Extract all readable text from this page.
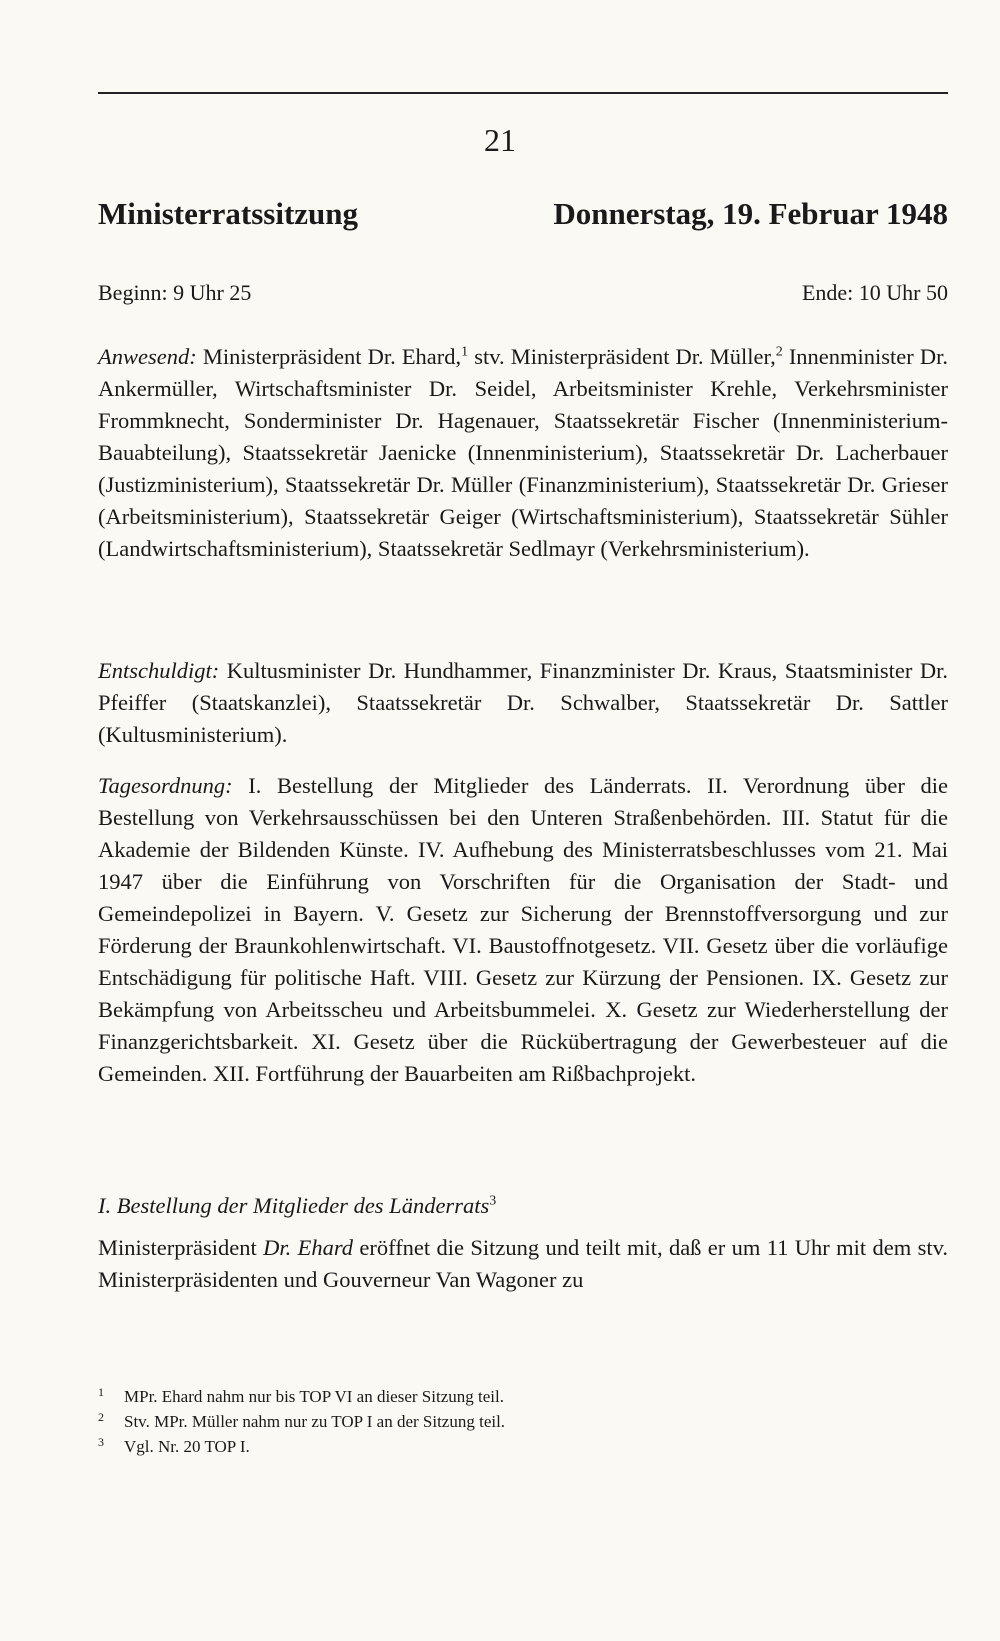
21
Ministerratssitzung	Donnerstag, 19. Februar 1948
Beginn: 9 Uhr 25	Ende: 10 Uhr 50
Anwesend: Ministerpräsident Dr. Ehard,$^1$ stv. Ministerpräsident Dr. Müller,$^2$ Innenminister Dr. Ankermüller, Wirtschaftsminister Dr. Seidel, Arbeitsminister Krehle, Verkehrsminister Frommknecht, Sonderminister Dr. Hagenauer, Staatssekretär Fischer (Innenministerium-Bauabteilung), Staatssekretär Jaenicke (Innenministerium), Staatssekretär Dr. Lacherbauer (Justizministerium), Staatssekretär Dr. Müller (Finanzministerium), Staatssekretär Dr. Grieser (Arbeitsministerium), Staatssekretär Geiger (Wirtschaftsministerium), Staatssekretär Sühler (Landwirtschaftsministerium), Staatssekretär Sedlmayr (Verkehrsministerium).
Entschuldigt: Kultusminister Dr. Hundhammer, Finanzminister Dr. Kraus, Staatsminister Dr. Pfeiffer (Staatskanzlei), Staatssekretär Dr. Schwalber, Staatssekretär Dr. Sattler (Kultusministerium).
Tagesordnung: I. Bestellung der Mitglieder des Länderrats. II. Verordnung über die Bestellung von Verkehrsausschüssen bei den Unteren Straßenbehörden. III. Statut für die Akademie der Bildenden Künste. IV. Aufhebung des Ministerratsbeschlusses vom 21. Mai 1947 über die Einführung von Vorschriften für die Organisation der Stadt- und Gemeindepolizei in Bayern. V. Gesetz zur Sicherung der Brennstoffversorgung und zur Förderung der Braunkohlenwirtschaft. VI. Baustoffnotgesetz. VII. Gesetz über die vorläufige Entschädigung für politische Haft. VIII. Gesetz zur Kürzung der Pensionen. IX. Gesetz zur Bekämpfung von Arbeitsscheu und Arbeitsbummelei. X. Gesetz zur Wiederherstellung der Finanzgerichtsbarkeit. XI. Gesetz über die Rückübertragung der Gewerbesteuer auf die Gemeinden. XII. Fortführung der Bauarbeiten am Rißbachprojekt.
I. Bestellung der Mitglieder des Länderrats$^3$
Ministerpräsident Dr. Ehard eröffnet die Sitzung und teilt mit, daß er um 11 Uhr mit dem stv. Ministerpräsidenten und Gouverneur Van Wagoner zu
1	MPr. Ehard nahm nur bis TOP VI an dieser Sitzung teil.
2	Stv. MPr. Müller nahm nur zu TOP I an der Sitzung teil.
3	Vgl. Nr. 20 TOP I.
